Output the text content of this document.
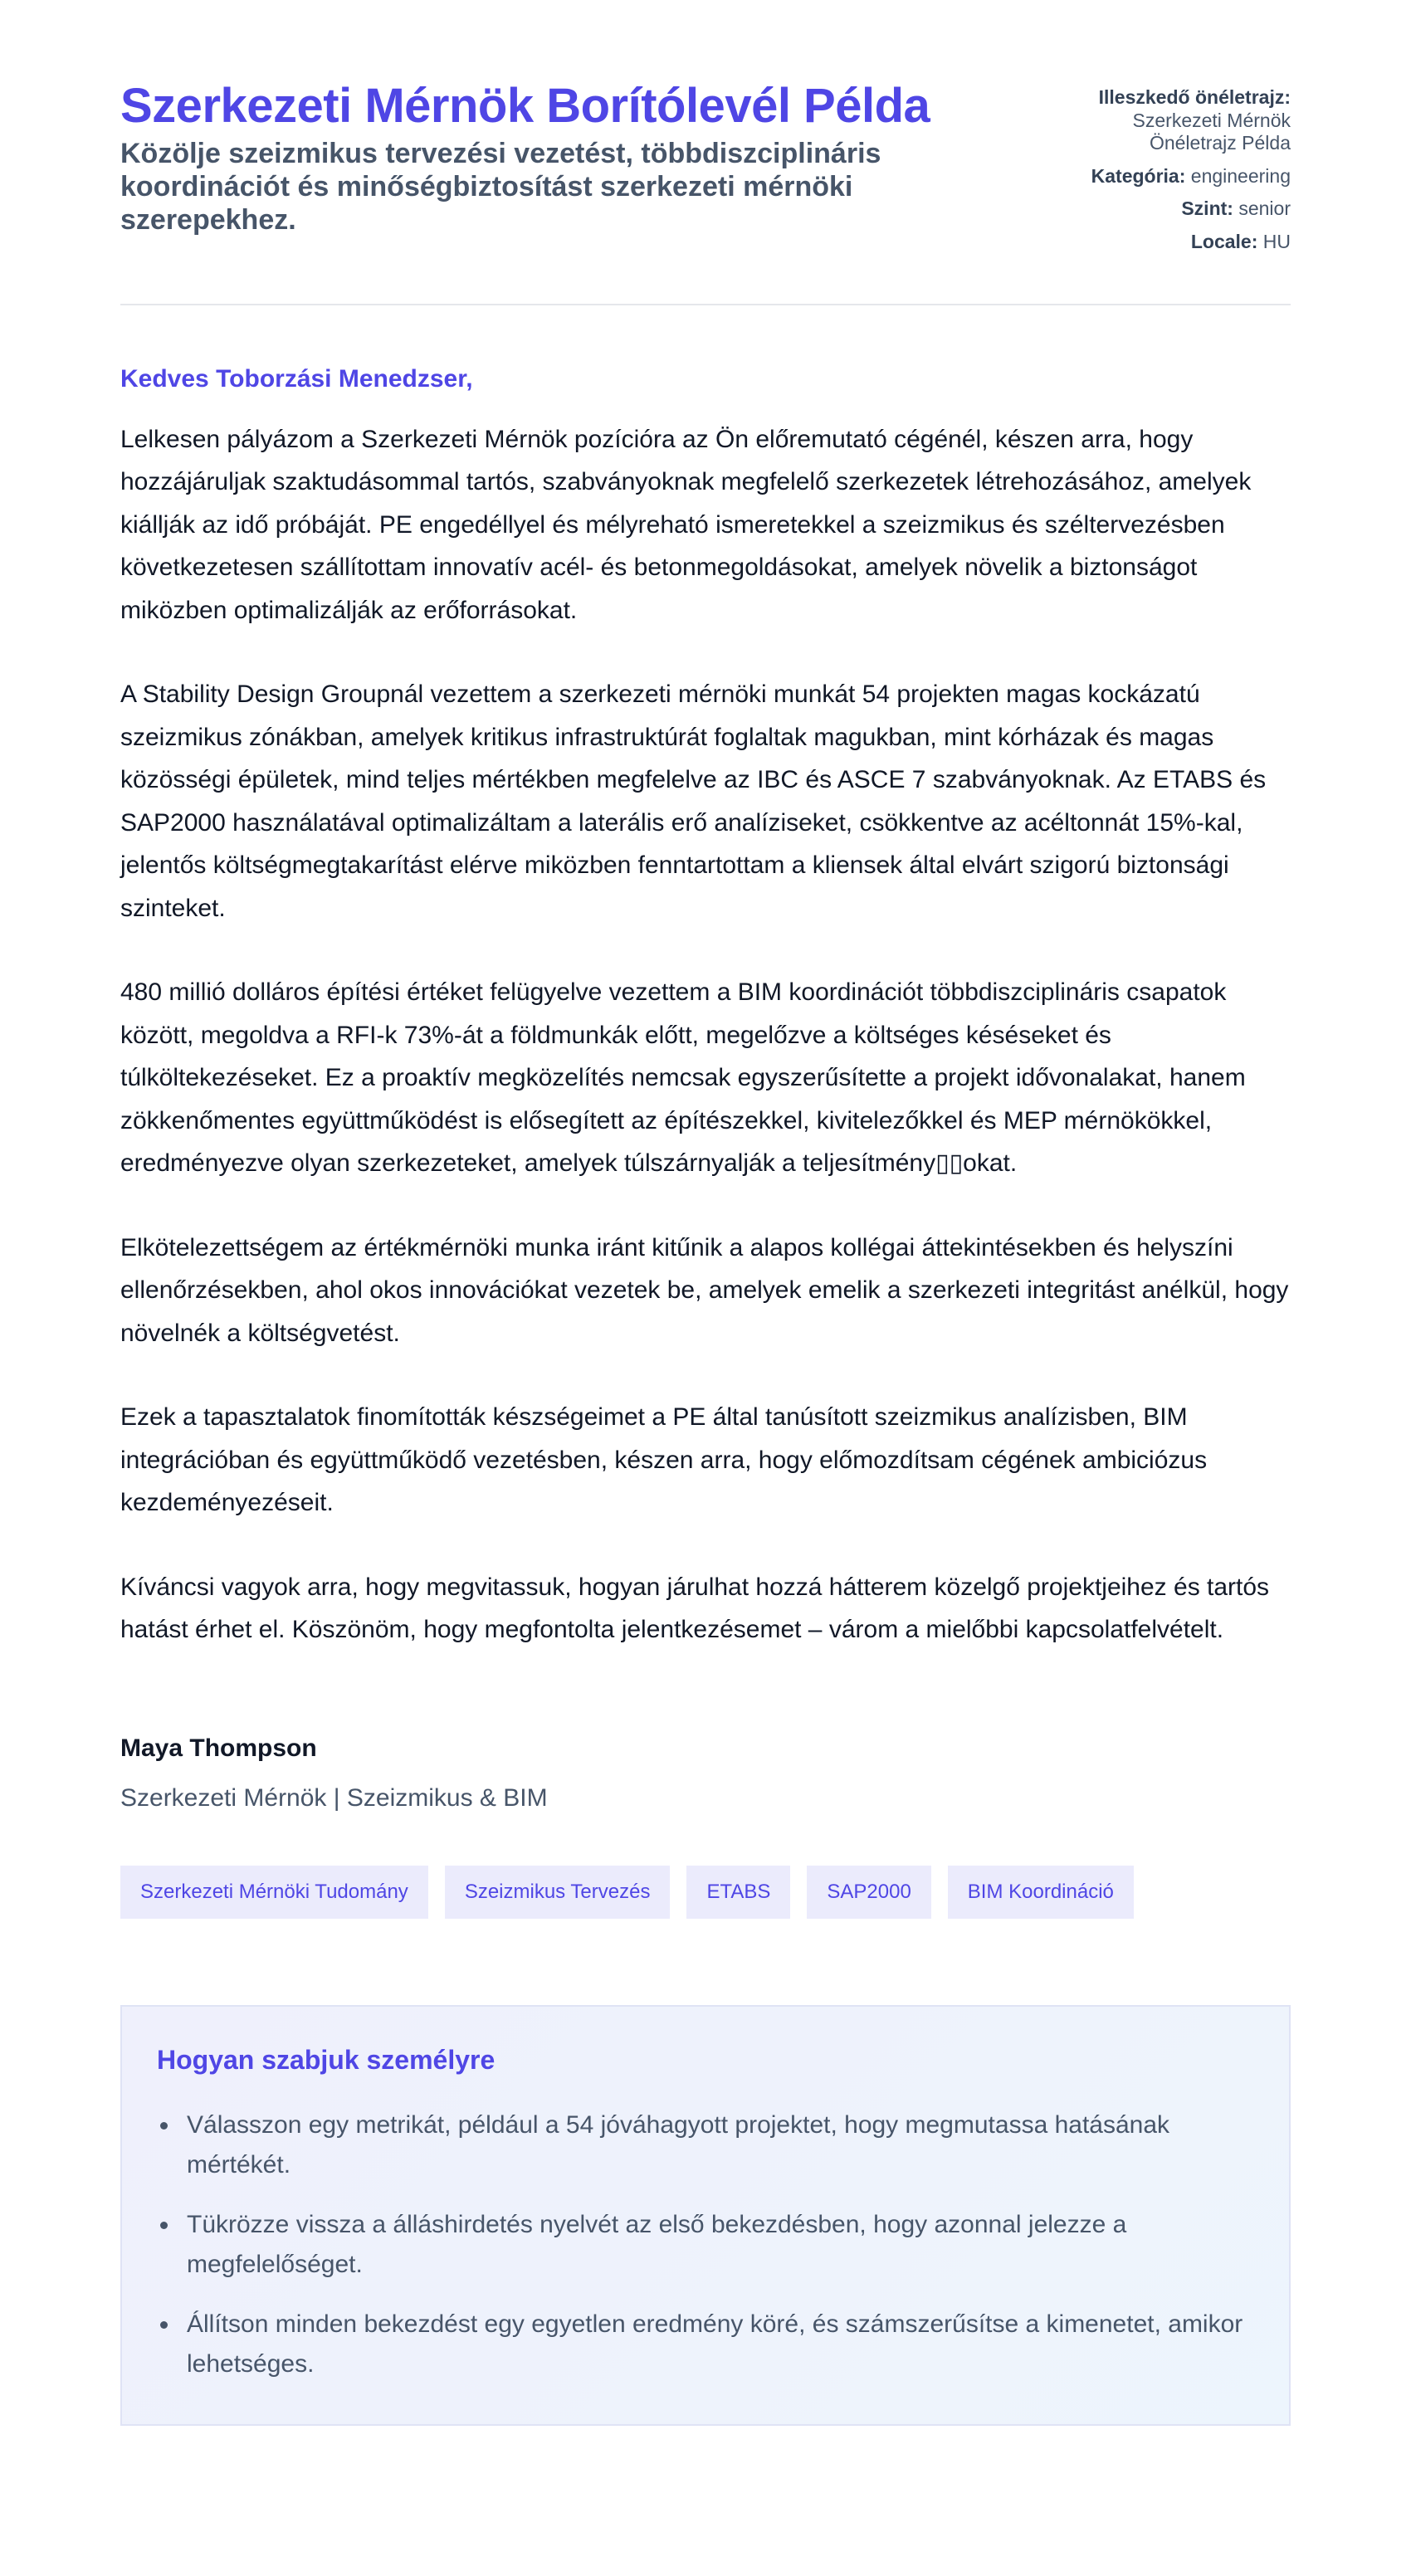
Szerkezeti Mérnök Borítólevél Példa
Közölje szeizmikus tervezési vezetést, többdiszciplináris koordinációt és minőségbiztosítást szerkezeti mérnöki szerepekhez.
Illeszkedő önéletrajz:
Szerkezeti Mérnök Önéletrajz Példa
Kategória: engineering
Szint: senior
Locale: HU

Kedves Toborzási Menedzser,

Lelkesen pályázom a Szerkezeti Mérnök pozícióra az Ön előremutató cégénél, készen arra, hogy hozzájáruljak szaktudásommal tartós, szabványoknak megfelelő szerkezetek létrehozásához, amelyek kiállják az idő próbáját. PE engedéllyel és mélyreható ismeretekkel a szeizmikus és széltervezésben következetesen szállítottam innovatív acél- és betonmegoldásokat, amelyek növelik a biztonságot miközben optimalizálják az erőforrásokat.

A Stability Design Groupnál vezettem a szerkezeti mérnöki munkát 54 projekten magas kockázatú szeizmikus zónákban, amelyek kritikus infrastruktúrát foglaltak magukban, mint kórházak és magas közösségi épületek, mind teljes mértékben megfelelve az IBC és ASCE 7 szabványoknak. Az ETABS és SAP2000 használatával optimalizáltam a laterális erő analíziseket, csökkentve az acéltonnát 15%-kal, jelentős költségmegtakarítást elérve miközben fenntartottam a kliensek által elvárt szigorú biztonsági szinteket.

480 millió dolláros építési értéket felügyelve vezettem a BIM koordinációt többdiszciplináris csapatok között, megoldva a RFI-k 73%-át a földmunkák előtt, megelőzve a költséges késéseket és túlköltekezéseket. Ez a proaktív megközelítés nemcsak egyszerűsítette a projekt idővonalakat, hanem zökkenőmentes együttműködést is elősegített az építészekkel, kivitelezőkkel és MEP mérnökökkel, eredményezve olyan szerkezeteket, amelyek túlszárnyalják a teljesítmény▯▯okat.

Elkötelezettségem az értékmérnöki munka iránt kitűnik a alapos kollégai áttekintésekben és helyszíni ellenőrzésekben, ahol okos innovációkat vezetek be, amelyek emelik a szerkezeti integritást anélkül, hogy növelnék a költségvetést.

Ezek a tapasztalatok finomították készségeimet a PE által tanúsított szeizmikus analízisben, BIM integrációban és együttműködő vezetésben, készen arra, hogy előmozdítsam cégének ambiciózus kezdeményezéseit.

Kíváncsi vagyok arra, hogy megvitassuk, hogyan járulhat hozzá hátterem közelgő projektjeihez és tartós hatást érhet el. Köszönöm, hogy megfontolta jelentkezésemet – várom a mielőbbi kapcsolatfelvételt.

Maya Thompson
Szerkezeti Mérnök | Szeizmikus & BIM
Szerkezeti Mérnöki Tudomány	Szeizmikus Tervezés	ETABS	SAP2000	BIM Koordináció
Hogyan szabjuk személyre
Válasszon egy metrikát, például a 54 jóváhagyott projektet, hogy megmutassa hatásának mértékét.
Tükrözze vissza a álláshirdetés nyelvét az első bekezdésben, hogy azonnal jelezze a megfelelőséget.
Állítson minden bekezdést egy egyetlen eredmény köré, és számszerűsítse a kimenetet, amikor lehetséges.
